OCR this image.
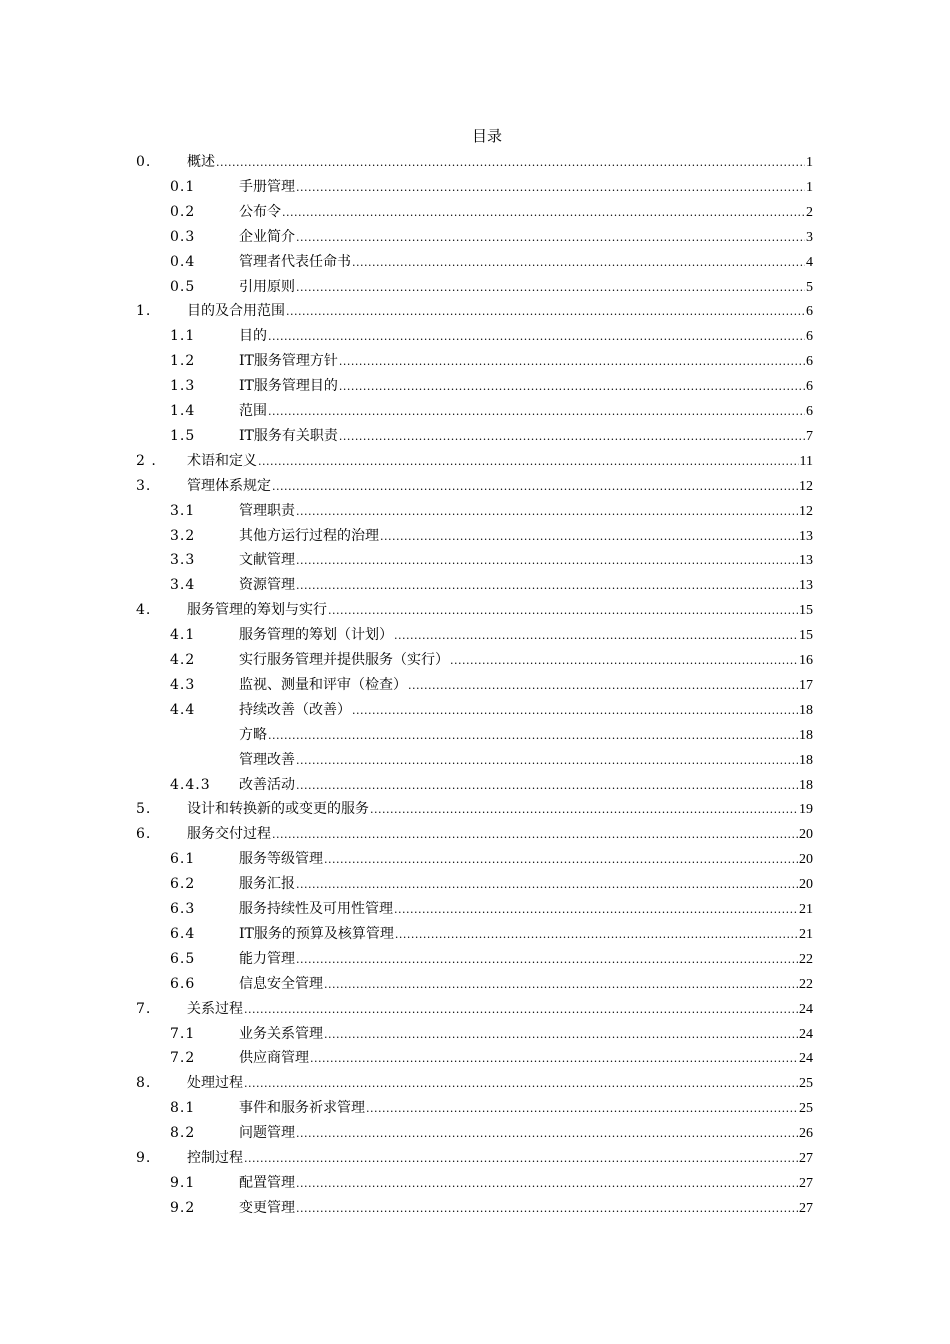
目录
0.	概述 .....	1
0.1	手册管理 .....	1
0.2	公布令 .....	2
0.3	企业简介 .....	3
0.4	管理者代表任命书 .....	4
0.5	引用原则 .....	5
1.	目的及合用范围 .....	6
1.1	目的 .....	6
1.2	IT服务管理方针 .....	6
1.3	IT服务管理目的 .....	6
1.4	范围 .....	6
1.5	IT服务有关职责 .....	7
2 . 术语和定义 .....	11
3.	管理体系规定 .....	12
3.1	管理职责 .....	12
3.2	其他方运行过程的治理 .....	13
3.3	文献管理 .....	13
3.4	资源管理 .....	13
4.	服务管理的筹划与实行 .....	15
4.1	服务管理的筹划（计划） .....	15
4.2	实行服务管理并提供服务（实行） .....	16
4.3	监视、测量和评审（检查） .....	17
4.4	持续改善（改善） .....	18
方略 .....	18
管理改善 .....	18
4.4.3 改善活动 .....	18
5.	设计和转换新的或变更的服务 .....	19
6.	服务交付过程 .....	20
6.1	服务等级管理 .....	20
6.2	服务汇报 .....	20
6.3	服务持续性及可用性管理 .....	21
6.4	IT服务的预算及核算管理 .....	21
6.5	能力管理 .....	22
6.6	信息安全管理 .....	22
7.	关系过程 .....	24
7.1	业务关系管理 .....	24
7.2	供应商管理 .....	24
8.	处理过程 .....	25
8.1	事件和服务祈求管理 .....	25
8.2	问题管理 .....	26
9.	控制过程 .....	27
9.1	配置管理 .....	27
9.2	变更管理 .....	27
